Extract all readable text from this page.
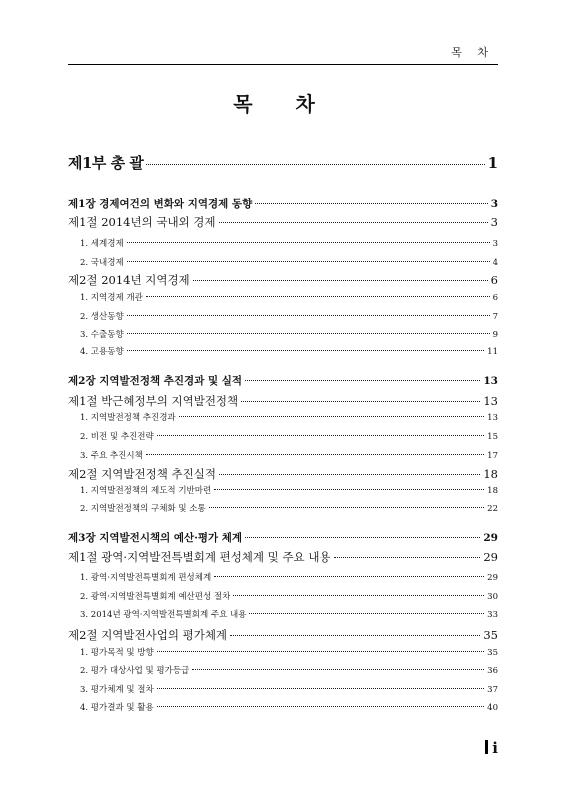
목 차
목 차
제1부 총 괄	1
제1장 경제여건의 변화와 지역경제 동향	3
제1절 2014년의 국내외 경제	3
1. 세계경제	3
2. 국내경제	4
제2절 2014년 지역경제	6
1. 지역경제 개관	6
2. 생산동향	7
3. 수출동향	9
4. 고용동향	11
제2장 지역발전정책 추진경과 및 실적	13
제1절 박근혜정부의 지역발전정책	13
1. 지역발전정책 추진경과	13
2. 비전 및 추진전략	15
3. 주요 추진시책	17
제2절 지역발전정책 추진실적	18
1. 지역발전정책의 제도적 기반마련	18
2. 지역발전정책의 구체화 및 소통	22
제3장 지역발전시책의 예산·평가 체계	29
제1절 광역·지역발전특별회계 편성체계 및 주요 내용	29
1. 광역·지역발전특별회계 편성체계	29
2. 광역·지역발전특별회계 예산편성 절차	30
3. 2014년 광역·지역발전특별회계 주요 내용	33
제2절 지역발전사업의 평가체계	35
1. 평가목적 및 방향	35
2. 평가 대상사업 및 평가등급	36
3. 평가체계 및 절차	37
4. 평가결과 및 활용	40
i
